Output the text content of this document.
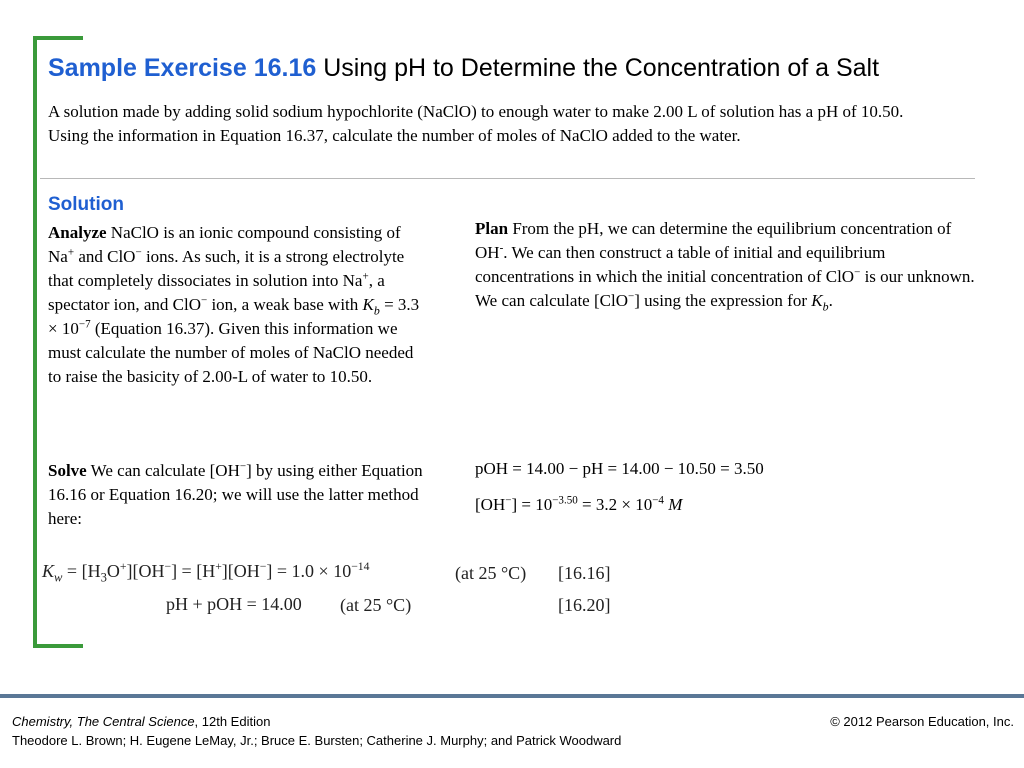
Sample Exercise 16.16 Using pH to Determine the Concentration of a Salt
A solution made by adding solid sodium hypochlorite (NaClO) to enough water to make 2.00 L of solution has a pH of 10.50. Using the information in Equation 16.37, calculate the number of moles of NaClO added to the water.
Solution
Analyze NaClO is an ionic compound consisting of Na+ and ClO− ions. As such, it is a strong electrolyte that completely dissociates in solution into Na+, a spectator ion, and ClO− ion, a weak base with $K_b = 3.3 \times 10^{-7}$ (Equation 16.37). Given this information we must calculate the number of moles of NaClO needed to raise the basicity of 2.00-L of water to 10.50.
Solve We can calculate [OH−] by using either Equation 16.16 or Equation 16.20; we will use the latter method here:
Plan From the pH, we can determine the equilibrium concentration of OH-. We can then construct a table of initial and equilibrium concentrations in which the initial concentration of ClO− is our unknown. We can calculate [ClO−] using the expression for $K_b$.
pOH = 14.00 − pH = 14.00 − 10.50 = 3.50
$[OH^-] = 10^{-3.50} = 3.2 \times 10^{-4}$ M
$K_w = [H_3O^+][OH^-] = [H^+][OH^-] = 1.0 \times 10^{-14}$	(at 25 °C) [16.16]
pH + pOH = 14.00 (at 25 °C)	[16.20]
Chemistry, The Central Science, 12th Edition
Theodore L. Brown; H. Eugene LeMay, Jr.; Bruce E. Bursten; Catherine J. Murphy; and Patrick Woodward
© 2012 Pearson Education, Inc.
